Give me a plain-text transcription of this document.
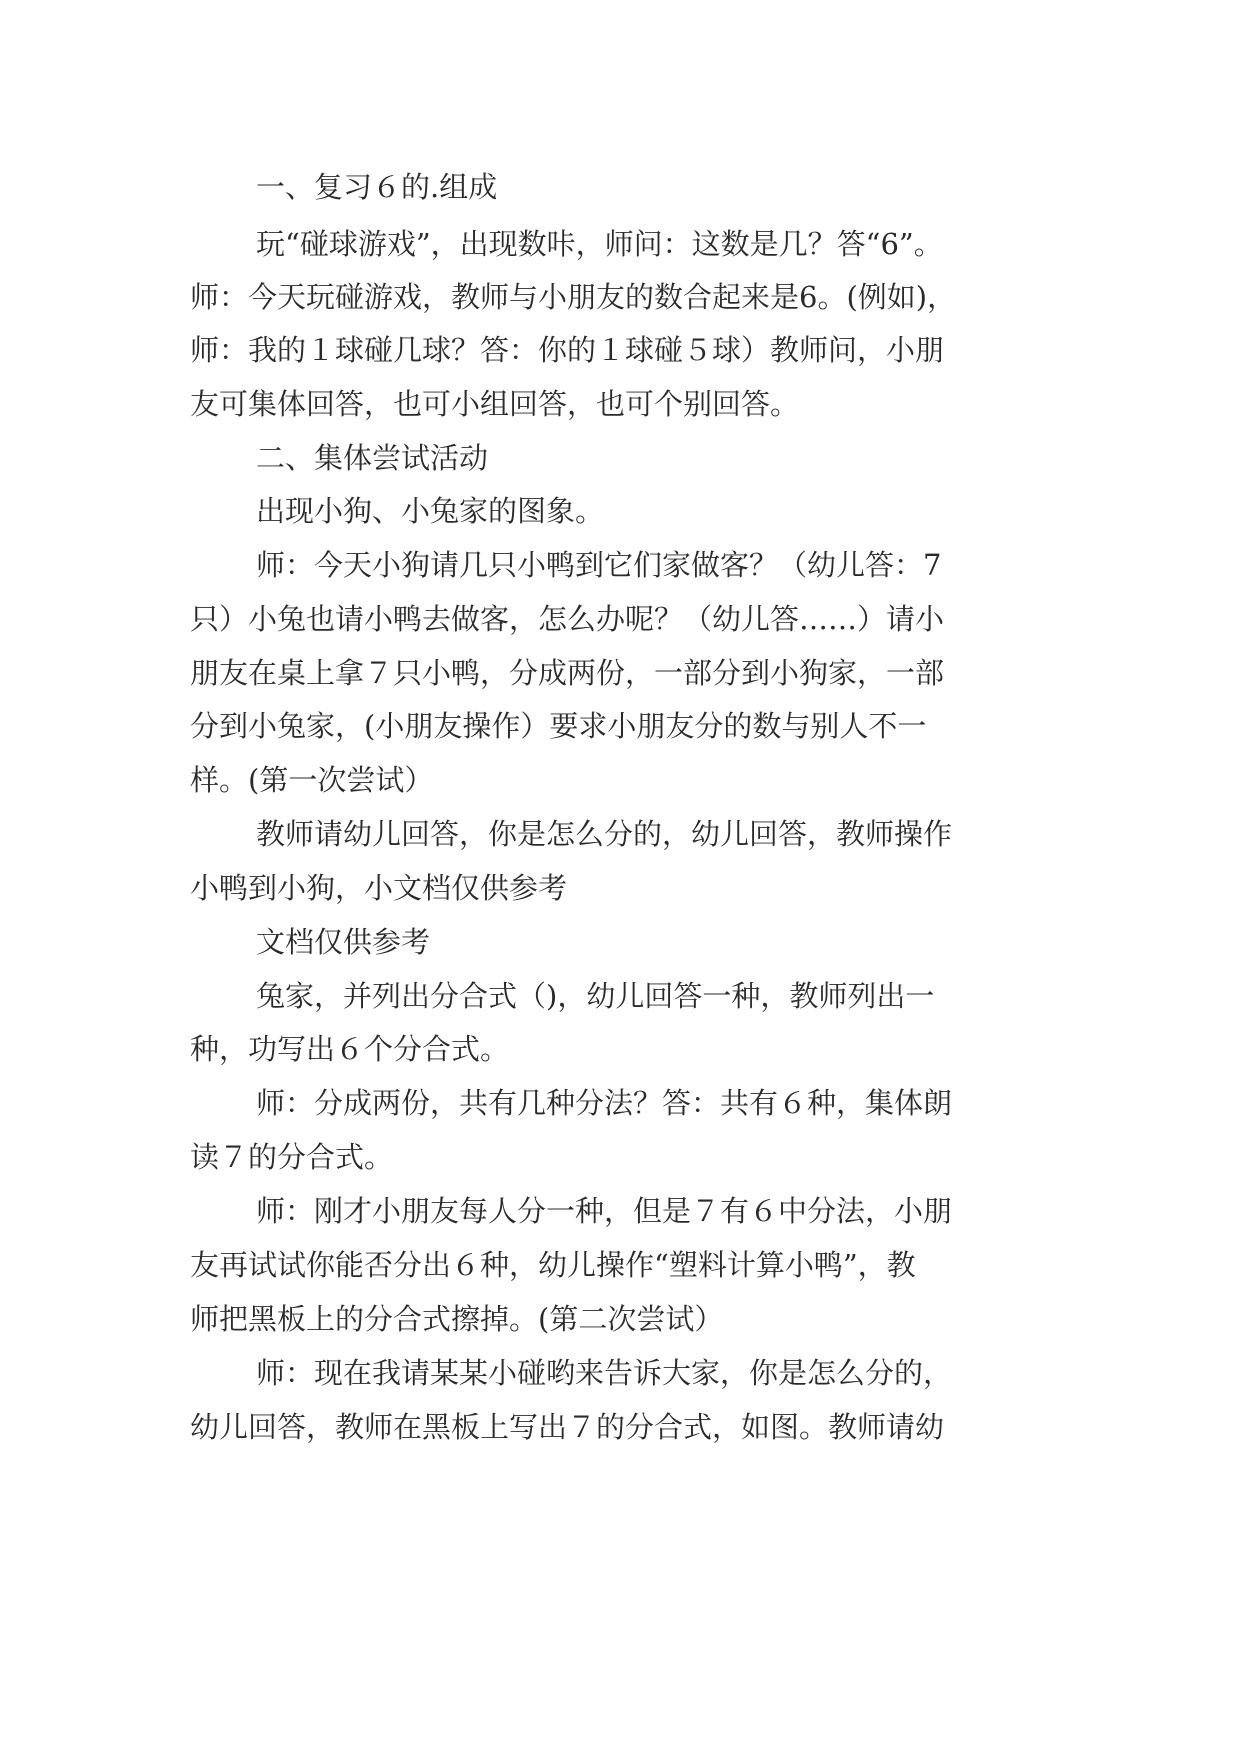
一、复习６的.组成
玩“碰球游戏”，出现数咔，师问：这数是几？答“6”。
师：今天玩碰游戏，教师与小朋友的数合起来是6。(例如)，
师：我的１球碰几球？答：你的１球碰５球）教师问，小朋
友可集体回答，也可小组回答，也可个别回答。
二、集体尝试活动
出现小狗、小兔家的图象。
师：今天小狗请几只小鸭到它们家做客？（幼儿答：7
只）小兔也请小鸭去做客，怎么办呢？（幼儿答……）请小
朋友在桌上拿７只小鸭，分成两份，一部分到小狗家，一部
分到小兔家，(小朋友操作）要求小朋友分的数与别人不一
样。(第一次尝试）
教师请幼儿回答，你是怎么分的，幼儿回答，教师操作
小鸭到小狗，小文档仅供参考
文档仅供参考
兔家，并列出分合式（)，幼儿回答一种，教师列出一
种，功写出６个分合式。
师：分成两份，共有几种分法？答：共有６种，集体朗
读７的分合式。
师：刚才小朋友每人分一种，但是７有６中分法，小朋
友再试试你能否分出６种，幼儿操作“塑料计算小鸭”，教
师把黑板上的分合式擦掉。(第二次尝试）
师：现在我请某某小碰哟来告诉大家，你是怎么分的，
幼儿回答，教师在黑板上写出７的分合式，如图。教师请幼
